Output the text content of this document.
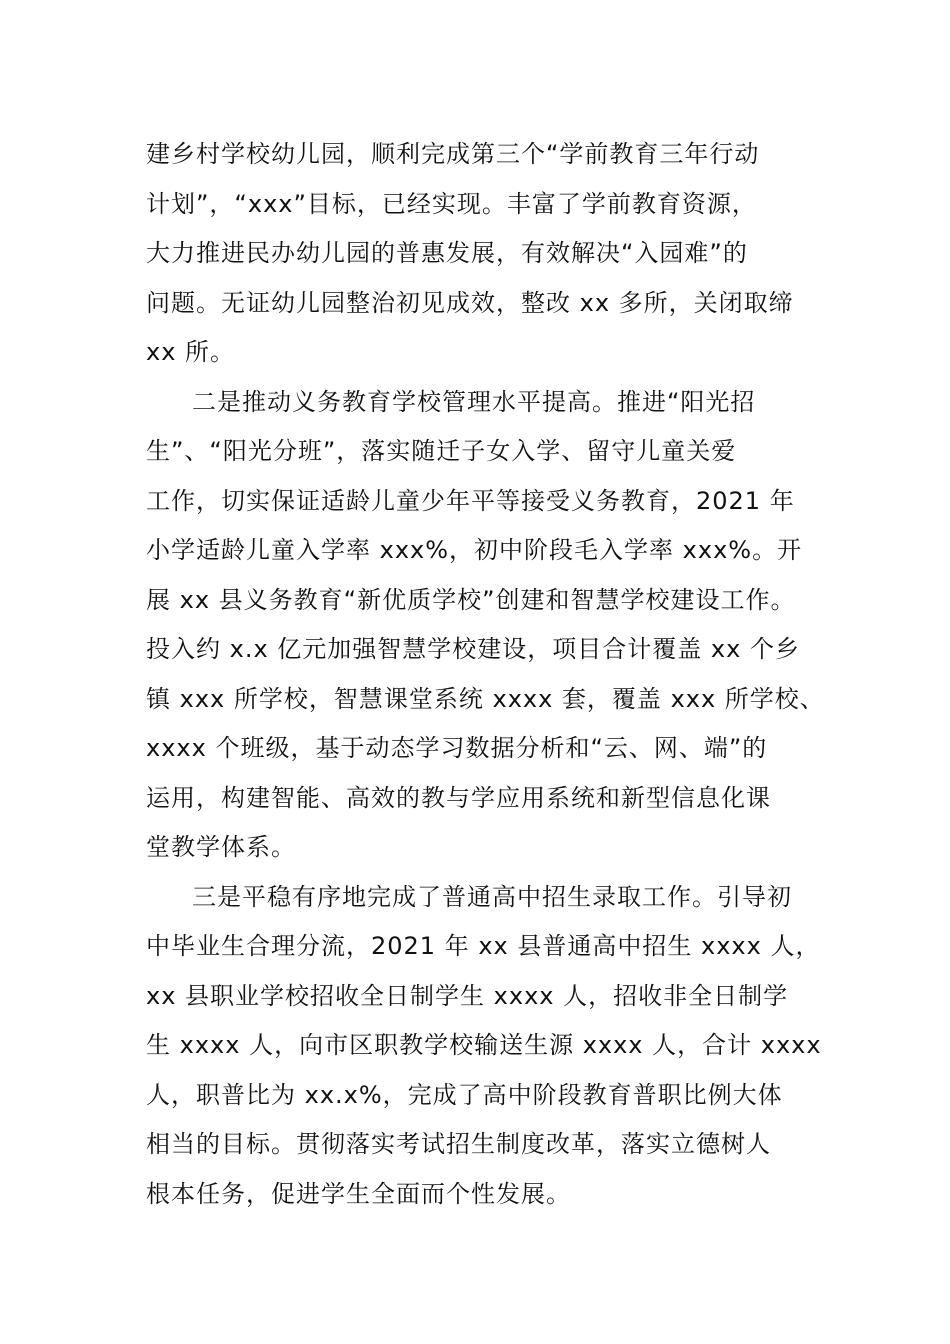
建乡村学校幼儿园，顺利完成第三个“学前教育三年行动
计划”，“xxx”目标，已经实现。丰富了学前教育资源，
大力推进民办幼儿园的普惠发展，有效解决“入园难”的
问题。无证幼儿园整治初见成效，整改 xx 多所，关闭取缔
xx 所。
二是推动义务教育学校管理水平提高。推进“阳光招
生”、“阳光分班”，落实随迁子女入学、留守儿童关爱
工作，切实保证适龄儿童少年平等接受义务教育，2021 年
小学适龄儿童入学率 xxx%，初中阶段毛入学率 xxx%。开
展 xx 县义务教育“新优质学校”创建和智慧学校建设工作。
投入约 x.x 亿元加强智慧学校建设，项目合计覆盖 xx 个乡
镇 xxx 所学校，智慧课堂系统 xxxx 套，覆盖 xxx 所学校、
xxxx 个班级，基于动态学习数据分析和“云、网、端”的
运用，构建智能、高效的教与学应用系统和新型信息化课
堂教学体系。
三是平稳有序地完成了普通高中招生录取工作。引导初
中毕业生合理分流，2021 年 xx 县普通高中招生 xxxx 人，
xx 县职业学校招收全日制学生 xxxx 人，招收非全日制学
生 xxxx 人，向市区职教学校输送生源 xxxx 人，合计 xxxx
人，职普比为 xx.x%，完成了高中阶段教育普职比例大体
相当的目标。贯彻落实考试招生制度改革，落实立德树人
根本任务，促进学生全面而个性发展。
